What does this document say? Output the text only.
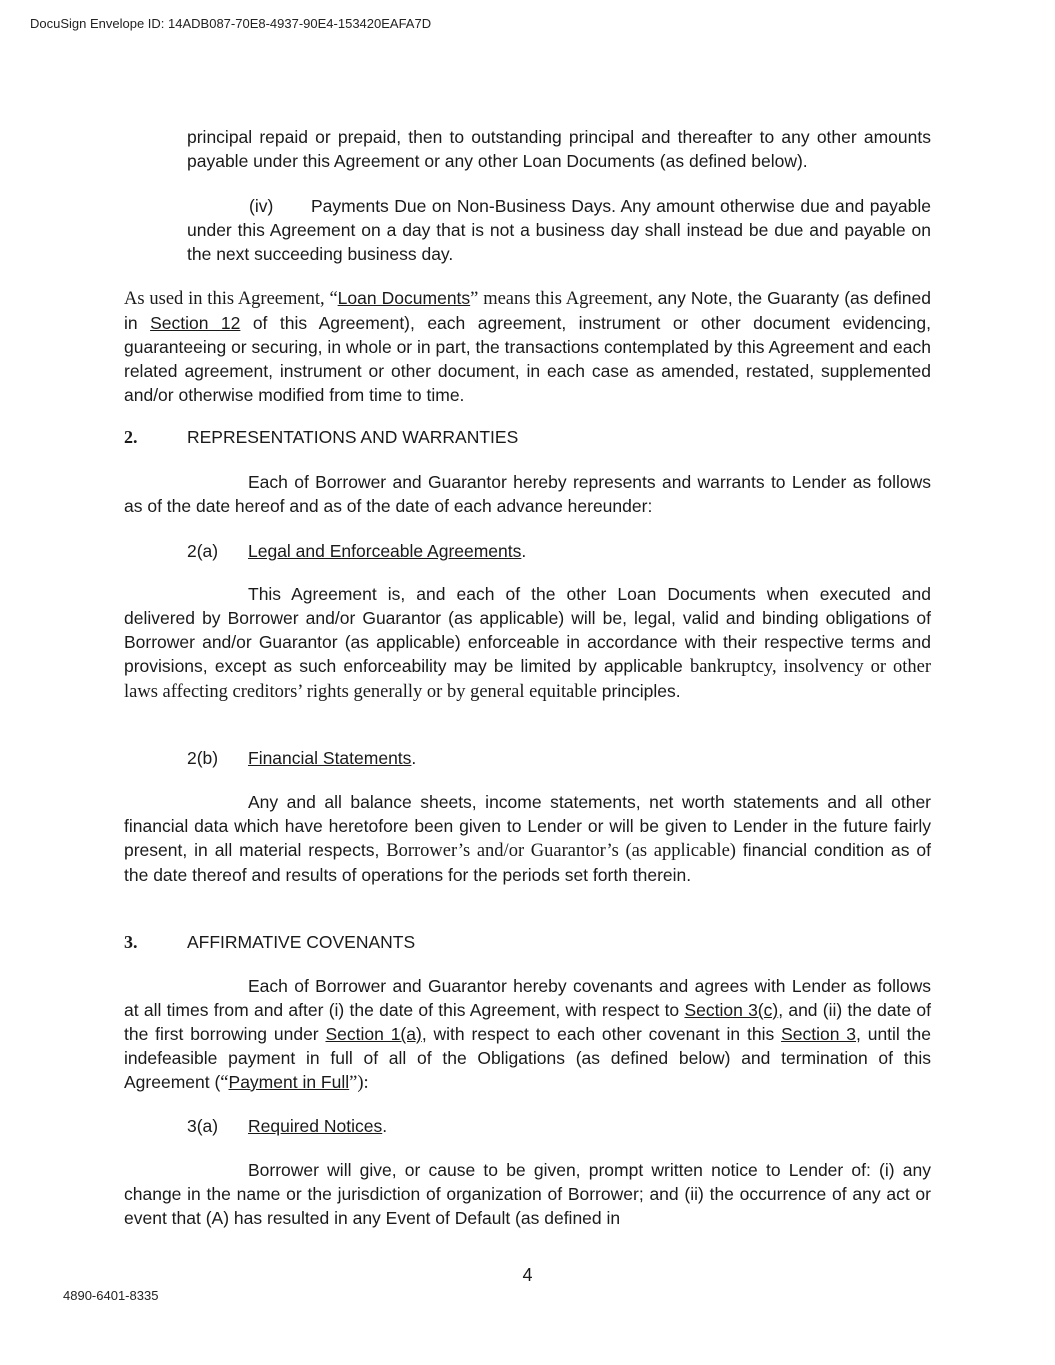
DocuSign Envelope ID: 14ADB087-70E8-4937-90E4-153420EAFA7D

principal repaid or prepaid, then to outstanding principal and thereafter to any other amounts payable under this Agreement or any other Loan Documents (as defined below).

(iv) Payments Due on Non-Business Days. Any amount otherwise due and payable under this Agreement on a day that is not a business day shall instead be due and payable on the next succeeding business day.

As used in this Agreement, “Loan Documents” means this Agreement, any Note, the Guaranty (as defined in Section 12 of this Agreement), each agreement, instrument or other document evidencing, guaranteeing or securing, in whole or in part, the transactions contemplated by this Agreement and each related agreement, instrument or other document, in each case as amended, restated, supplemented and/or otherwise modified from time to time.

2.	REPRESENTATIONS AND WARRANTIES

Each of Borrower and Guarantor hereby represents and warrants to Lender as follows as of the date hereof and as of the date of each advance hereunder:

2(a) Legal and Enforceable Agreements.

This Agreement is, and each of the other Loan Documents when executed and delivered by Borrower and/or Guarantor (as applicable) will be, legal, valid and binding obligations of Borrower and/or Guarantor (as applicable) enforceable in accordance with their respective terms and provisions, except as such enforceability may be limited by applicable bankruptcy, insolvency or other laws affecting creditors’ rights generally or by general equitable principles.

2(b) Financial Statements.

Any and all balance sheets, income statements, net worth statements and all other financial data which have heretofore been given to Lender or will be given to Lender in the future fairly present, in all material respects, Borrower’s and/or Guarantor’s (as applicable) financial condition as of the date thereof and results of operations for the periods set forth therein.

3.	AFFIRMATIVE COVENANTS

Each of Borrower and Guarantor hereby covenants and agrees with Lender as follows at all times from and after (i) the date of this Agreement, with respect to Section 3(c), and (ii) the date of the first borrowing under Section 1(a), with respect to each other covenant in this Section 3, until the indefeasible payment in full of all of the Obligations (as defined below) and termination of this Agreement (“Payment in Full”):

3(a) Required Notices.

Borrower will give, or cause to be given, prompt written notice to Lender of: (i) any change in the name or the jurisdiction of organization of Borrower; and (ii) the occurrence of any act or event that (A) has resulted in any Event of Default (as defined in

4
4890-6401-8335
